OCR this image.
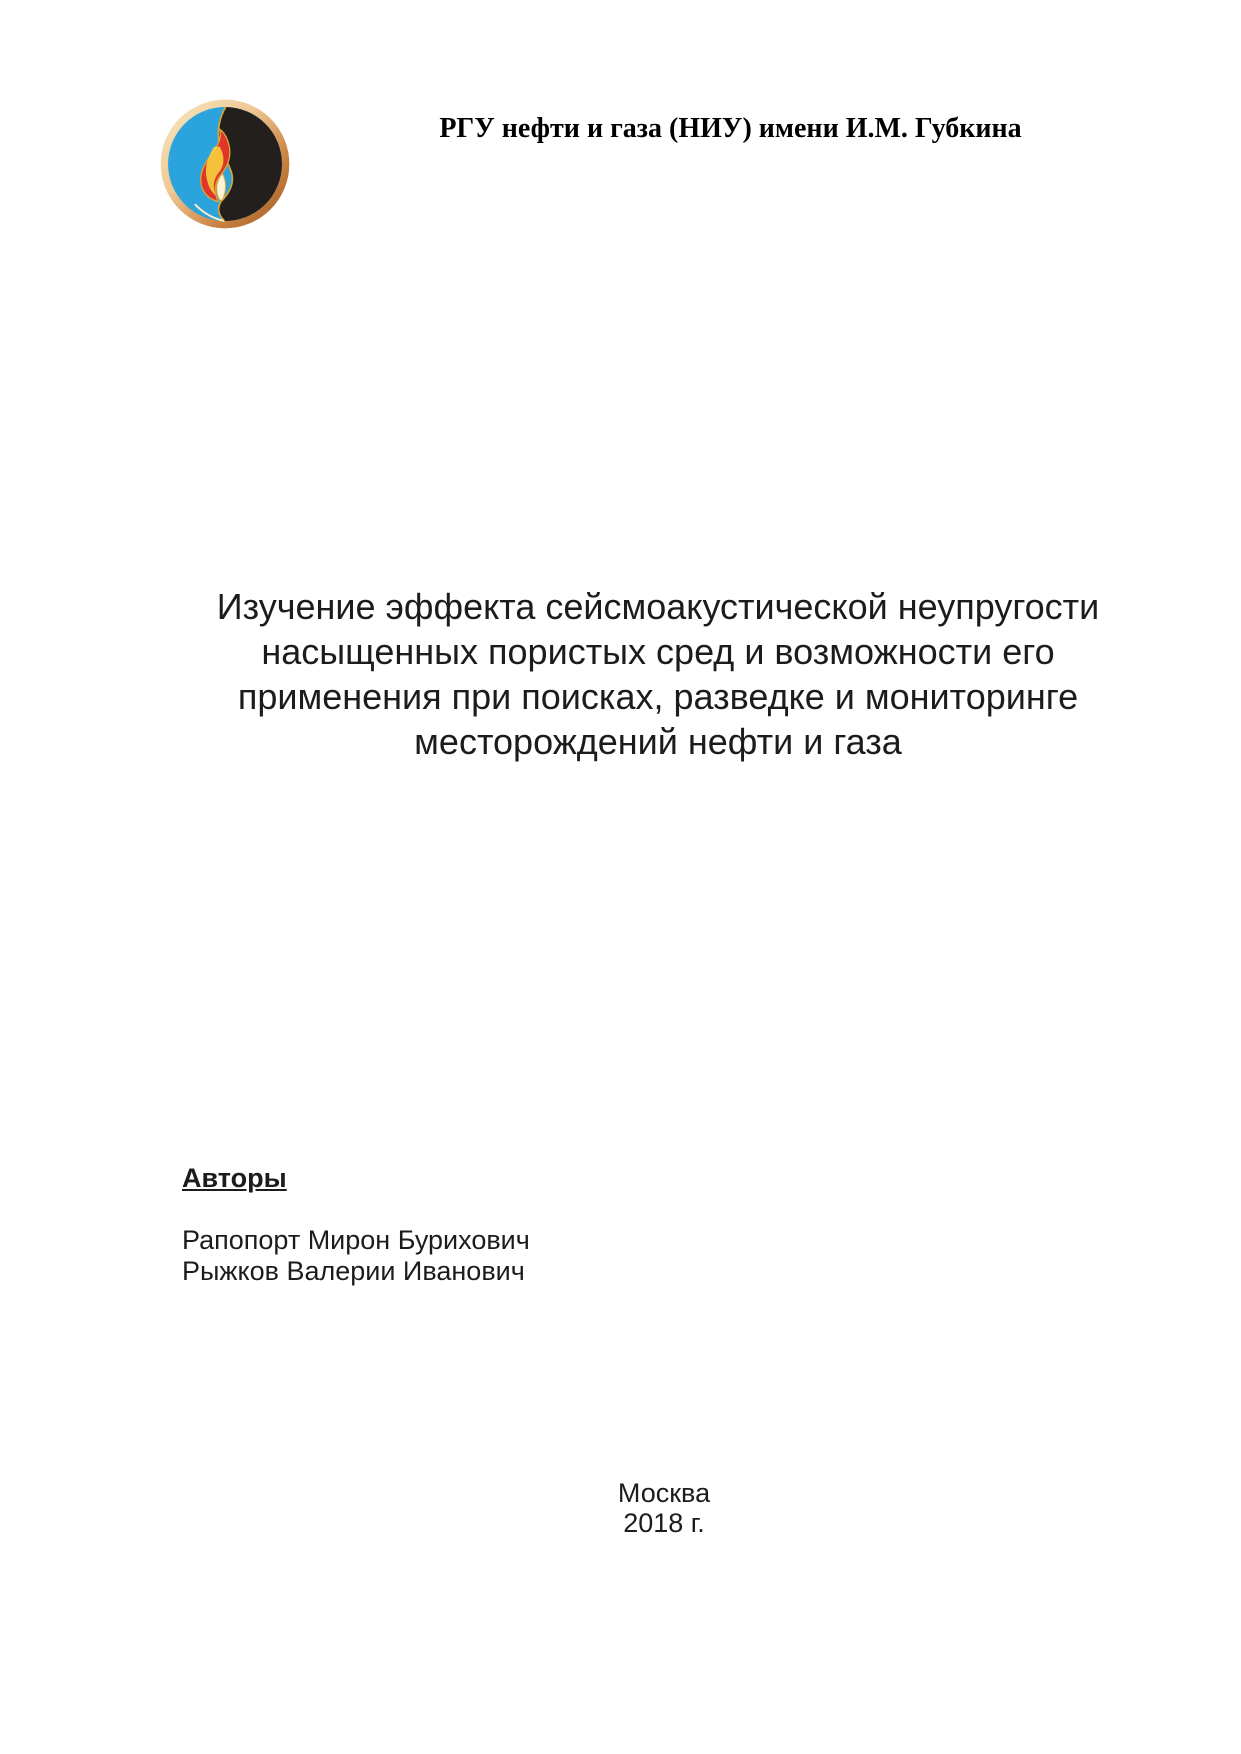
РГУ нефти и газа (НИУ) имени И.М. Губкина
Изучение эффекта сейсмоакустической неупругости
насыщенных пористых сред и возможности его
применения при поисках, разведке и мониторинге
месторождений нефти и газа
Авторы
Рапопорт Мирон Бурихович
Рыжков Валерии Иванович
Москва
2018 г.
